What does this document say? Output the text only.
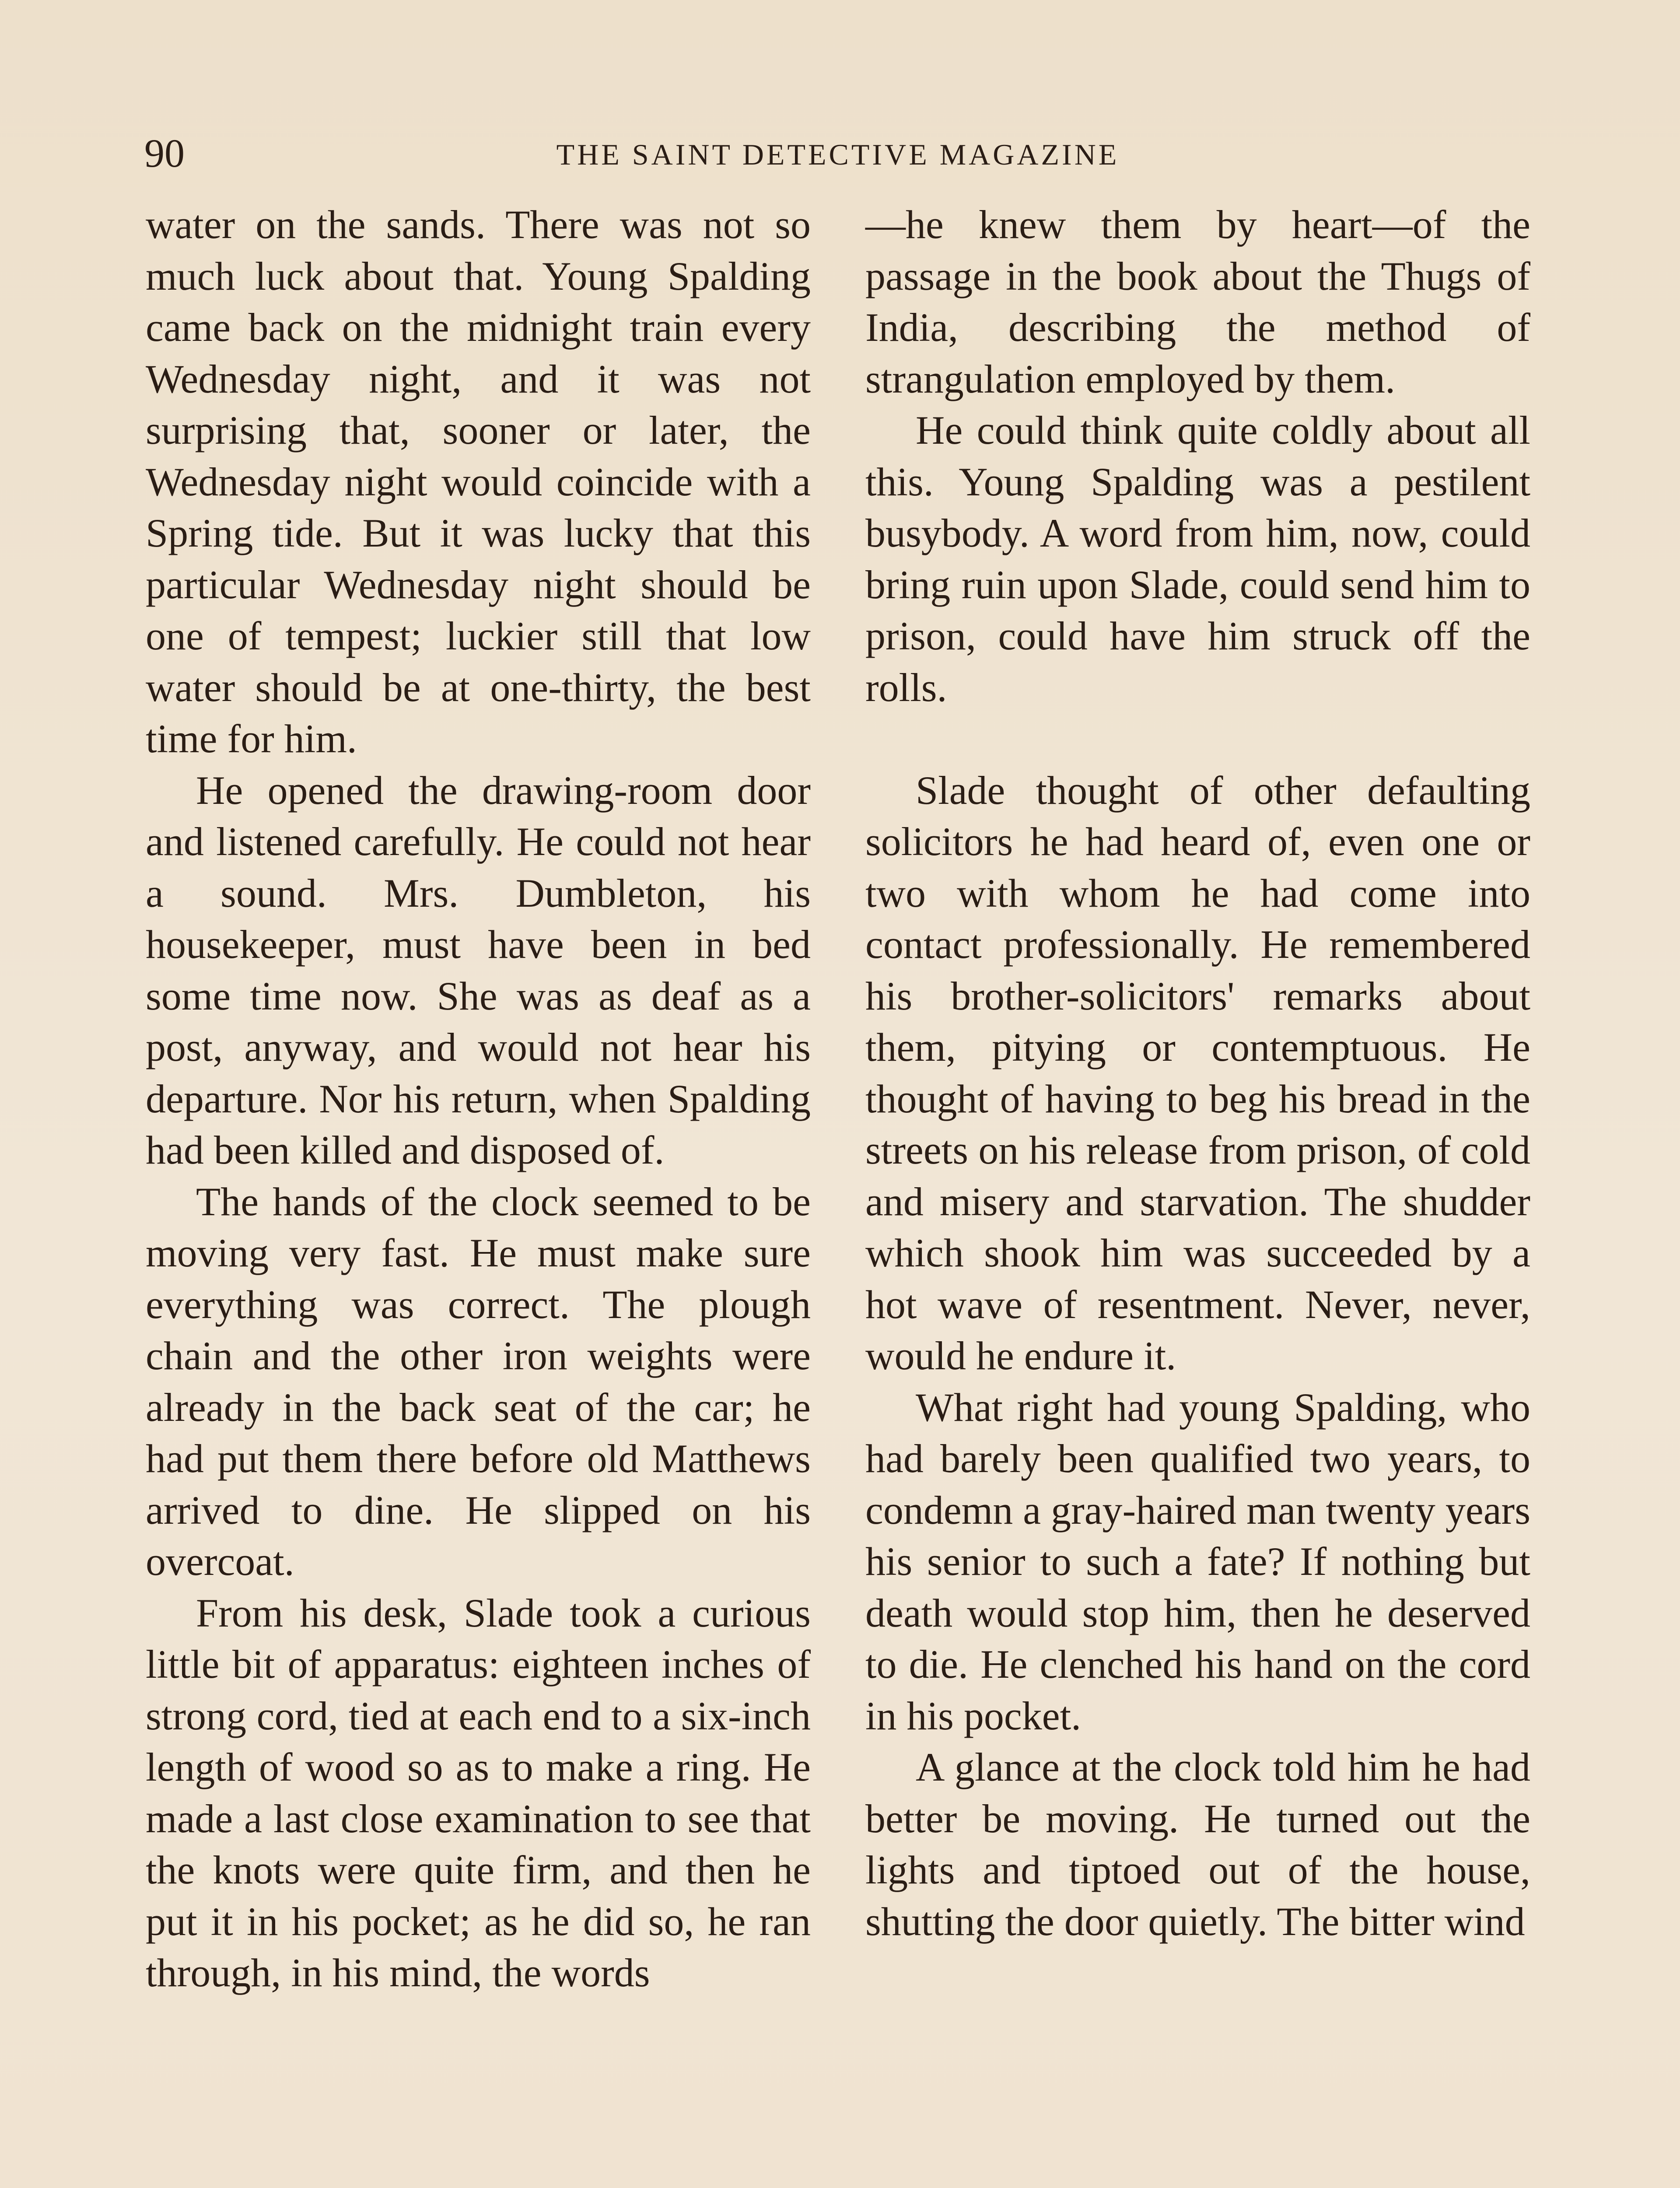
90	THE SAINT DETECTIVE MAGAZINE

water on the sands. There was not so much luck about that. Young Spalding came back on the midnight train every Wednesday night, and it was not surprising that, sooner or later, the Wednesday night would coincide with a Spring tide. But it was lucky that this particular Wednesday night should be one of tempest; luckier still that low water should be at one-thirty, the best time for him.

He opened the drawing-room door and listened carefully. He could not hear a sound. Mrs. Dumbleton, his housekeeper, must have been in bed some time now. She was as deaf as a post, anyway, and would not hear his departure. Nor his return, when Spalding had been killed and disposed of.

The hands of the clock seemed to be moving very fast. He must make sure everything was correct. The plough chain and the other iron weights were already in the back seat of the car; he had put them there before old Matthews arrived to dine. He slipped on his overcoat.

From his desk, Slade took a curious little bit of apparatus: eighteen inches of strong cord, tied at each end to a six-inch length of wood so as to make a ring. He made a last close examination to see that the knots were quite firm, and then he put it in his pocket; as he did so, he ran through, in his mind, the words

—he knew them by heart—of the passage in the book about the Thugs of India, describing the method of strangulation employed by them.

He could think quite coldly about all this. Young Spalding was a pestilent busybody. A word from him, now, could bring ruin upon Slade, could send him to prison, could have him struck off the rolls.

Slade thought of other defaulting solicitors he had heard of, even one or two with whom he had come into contact professionally. He remembered his brother-solicitors' remarks about them, pitying or contemptuous. He thought of having to beg his bread in the streets on his release from prison, of cold and misery and starvation. The shudder which shook him was succeeded by a hot wave of resentment. Never, never, would he endure it.

What right had young Spalding, who had barely been qualified two years, to condemn a gray-haired man twenty years his senior to such a fate? If nothing but death would stop him, then he deserved to die. He clenched his hand on the cord in his pocket.

A glance at the clock told him he had better be moving. He turned out the lights and tiptoed out of the house, shutting the door quietly. The bitter wind
